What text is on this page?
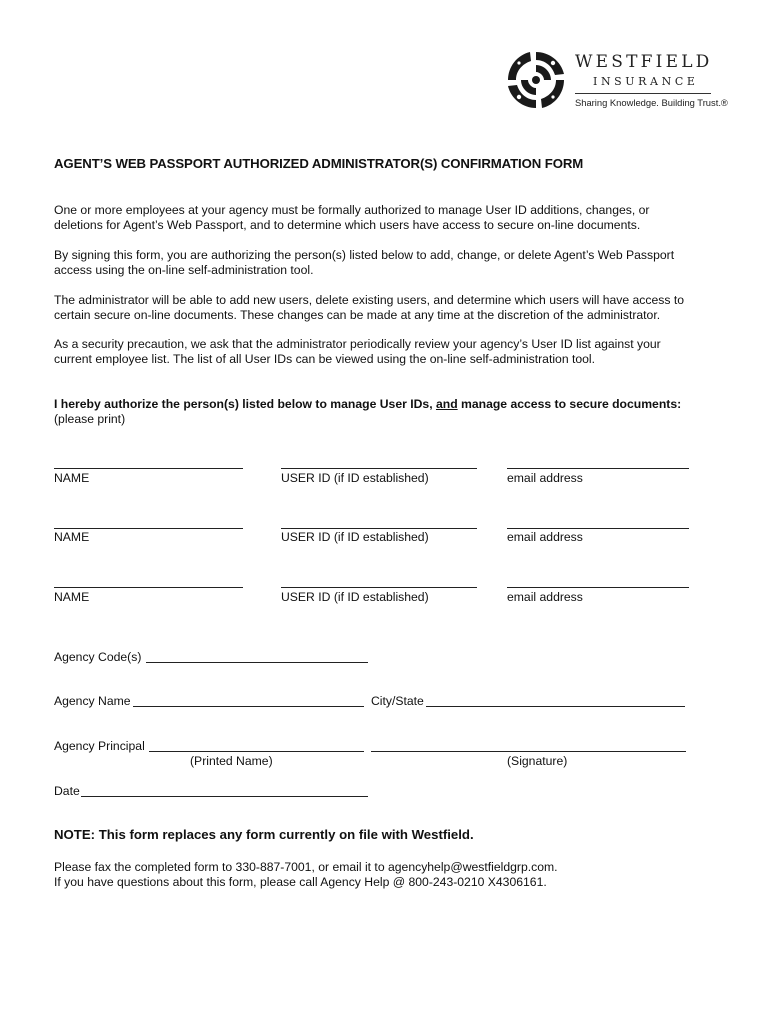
WESTFIELD
INSURANCE
Sharing Knowledge. Building Trust.®
AGENT’S WEB PASSPORT AUTHORIZED ADMINISTRATOR(S) CONFIRMATION FORM
One or more employees at your agency must be formally authorized to manage User ID additions, changes, or
deletions for Agent’s Web Passport, and to determine which users have access to secure on-line documents.
By signing this form, you are authorizing the person(s) listed below to add, change, or delete Agent’s Web Passport
access using the on-line self-administration tool.
The administrator will be able to add new users, delete existing users, and determine which users will have access to
certain secure on-line documents. These changes can be made at any time at the discretion of the administrator.
As a security precaution, we ask that the administrator periodically review your agency’s User ID list against your
current employee list. The list of all User IDs can be viewed using the on-line self-administration tool.
I hereby authorize the person(s) listed below to manage User IDs, and manage access to secure documents:
(please print)
NAME	USER ID (if ID established)	email address
NAME	USER ID (if ID established)	email address
NAME	USER ID (if ID established)	email address
Agency Code(s)
Agency Name	City/State
Agency Principal
(Printed Name)	(Signature)
Date
NOTE: This form replaces any form currently on file with Westfield.
Please fax the completed form to 330-887-7001, or email it to agencyhelp@westfieldgrp.com.
If you have questions about this form, please call Agency Help @ 800-243-0210 X4306161.
